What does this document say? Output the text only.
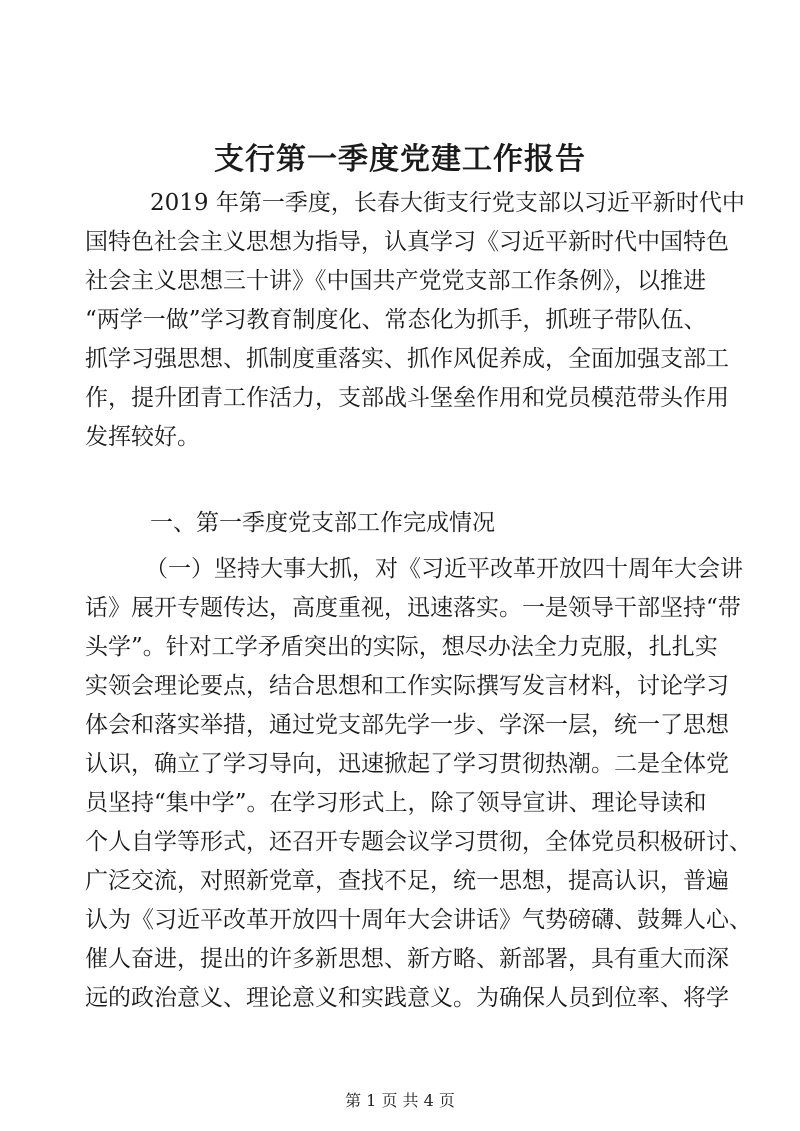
支行第一季度党建工作报告
2019 年第一季度，长春大街支行党支部以习近平新时代中
国特色社会主义思想为指导，认真学习《习近平新时代中国特色
社会主义思想三十讲》《中国共产党党支部工作条例》，以推进
“两学一做”学习教育制度化、常态化为抓手，抓班子带队伍、
抓学习强思想、抓制度重落实、抓作风促养成，全面加强支部工
作，提升团青工作活力，支部战斗堡垒作用和党员模范带头作用
发挥较好。
一、第一季度党支部工作完成情况
（一）坚持大事大抓，对《习近平改革开放四十周年大会讲
话》展开专题传达，高度重视，迅速落实。一是领导干部坚持“带
头学”。针对工学矛盾突出的实际，想尽办法全力克服，扎扎实
实领会理论要点，结合思想和工作实际撰写发言材料，讨论学习
体会和落实举措，通过党支部先学一步、学深一层，统一了思想
认识，确立了学习导向，迅速掀起了学习贯彻热潮。二是全体党
员坚持“集中学”。在学习形式上，除了领导宣讲、理论导读和
个人自学等形式，还召开专题会议学习贯彻，全体党员积极研讨、
广泛交流，对照新党章，查找不足，统一思想，提高认识，普遍
认为《习近平改革开放四十周年大会讲话》气势磅礴、鼓舞人心、
催人奋进，提出的许多新思想、新方略、新部署，具有重大而深
远的政治意义、理论意义和实践意义。为确保人员到位率、将学
第 1 页 共 4 页
